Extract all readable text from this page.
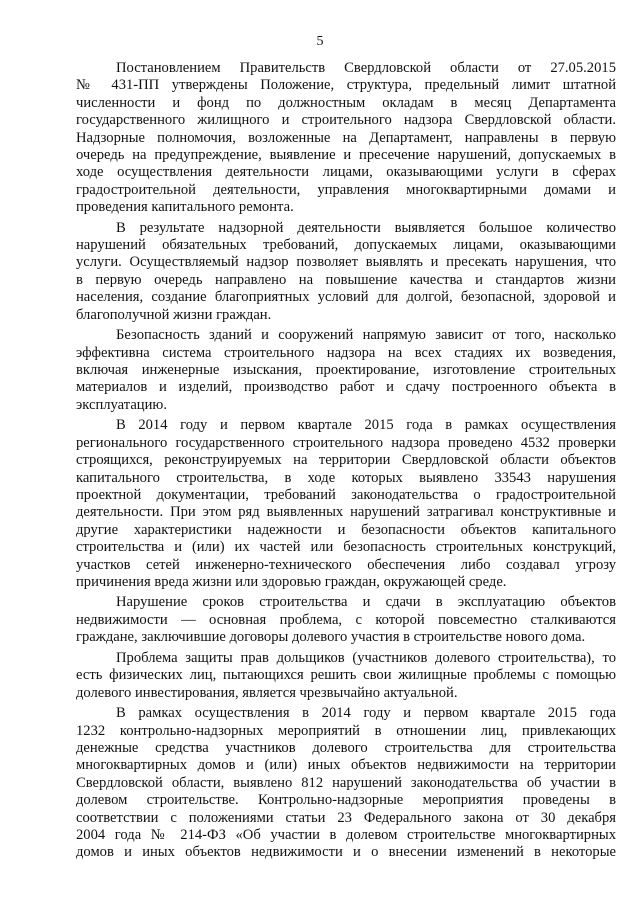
5
Постановлением Правительств Свердловской области от 27.05.2015
№ 431-ПП утверждены Положение, структура, предельный лимит штатной
численности и фонд по должностным окладам в месяц Департамента
государственного жилищного и строительного надзора Свердловской области.
Надзорные полномочия, возложенные на Департамент, направлены в первую
очередь на предупреждение, выявление и пресечение нарушений, допускаемых в
ходе осуществления деятельности лицами, оказывающими услуги в сферах
градостроительной деятельности, управления многоквартирными домами и
проведения капитального ремонта.
В результате надзорной деятельности выявляется большое количество
нарушений обязательных требований, допускаемых лицами, оказывающими
услуги. Осуществляемый надзор позволяет выявлять и пресекать нарушения, что
в первую очередь направлено на повышение качества и стандартов жизни
населения, создание благоприятных условий для долгой, безопасной, здоровой и
благополучной жизни граждан.
Безопасность зданий и сооружений напрямую зависит от того, насколько
эффективна система строительного надзора на всех стадиях их возведения,
включая инженерные изыскания, проектирование, изготовление строительных
материалов и изделий, производство работ и сдачу построенного объекта в
эксплуатацию.
В 2014 году и первом квартале 2015 года в рамках осуществления
регионального государственного строительного надзора проведено 4532 проверки
строящихся, реконструируемых на территории Свердловской области объектов
капитального строительства, в ходе которых выявлено 33543 нарушения
проектной документации, требований законодательства о градостроительной
деятельности. При этом ряд выявленных нарушений затрагивал конструктивные и
другие характеристики надежности и безопасности объектов капитального
строительства и (или) их частей или безопасность строительных конструкций,
участков сетей инженерно-технического обеспечения либо создавал угрозу
причинения вреда жизни или здоровью граждан, окружающей среде.
Нарушение сроков строительства и сдачи в эксплуатацию объектов
недвижимости — основная проблема, с которой повсеместно сталкиваются
граждане, заключившие договоры долевого участия в строительстве нового дома.
Проблема защиты прав дольщиков (участников долевого строительства), то
есть физических лиц, пытающихся решить свои жилищные проблемы с помощью
долевого инвестирования, является чрезвычайно актуальной.
В рамках осуществления в 2014 году и первом квартале 2015 года
1232 контрольно-надзорных мероприятий в отношении лиц, привлекающих
денежные средства участников долевого строительства для строительства
многоквартирных домов и (или) иных объектов недвижимости на территории
Свердловской области, выявлено 812 нарушений законодательства об участии в
долевом строительстве. Контрольно-надзорные мероприятия проведены в
соответствии с положениями статьи 23 Федерального закона от 30 декабря
2004 года № 214-ФЗ «Об участии в долевом строительстве многоквартирных
домов и иных объектов недвижимости и о внесении изменений в некоторые
